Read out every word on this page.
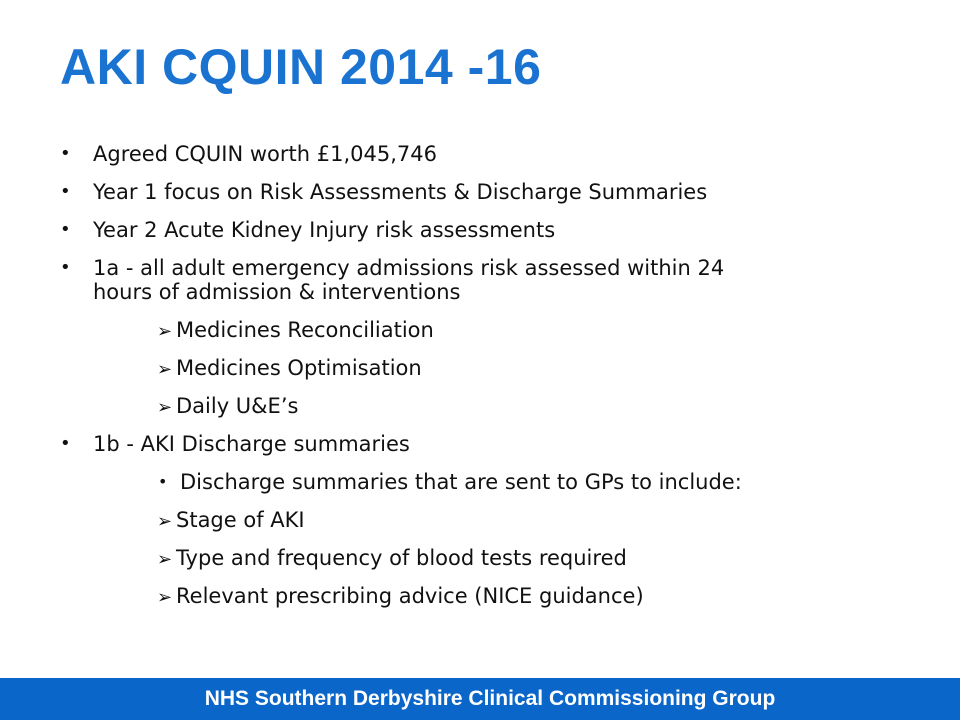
AKI CQUIN 2014 -16
• Agreed CQUIN worth £1,045,746
• Year 1 focus on Risk Assessments & Discharge Summaries
• Year 2 Acute Kidney Injury risk assessments
• 1a - all adult emergency admissions risk assessed within 24
hours of admission & interventions
➢ Medicines Reconciliation
➢ Medicines Optimisation
➢ Daily U&E’s
• 1b - AKI Discharge summaries
• Discharge summaries that are sent to GPs to include:
➢ Stage of AKI
➢ Type and frequency of blood tests required
➢ Relevant prescribing advice (NICE guidance)
NHS Southern Derbyshire Clinical Commissioning Group
